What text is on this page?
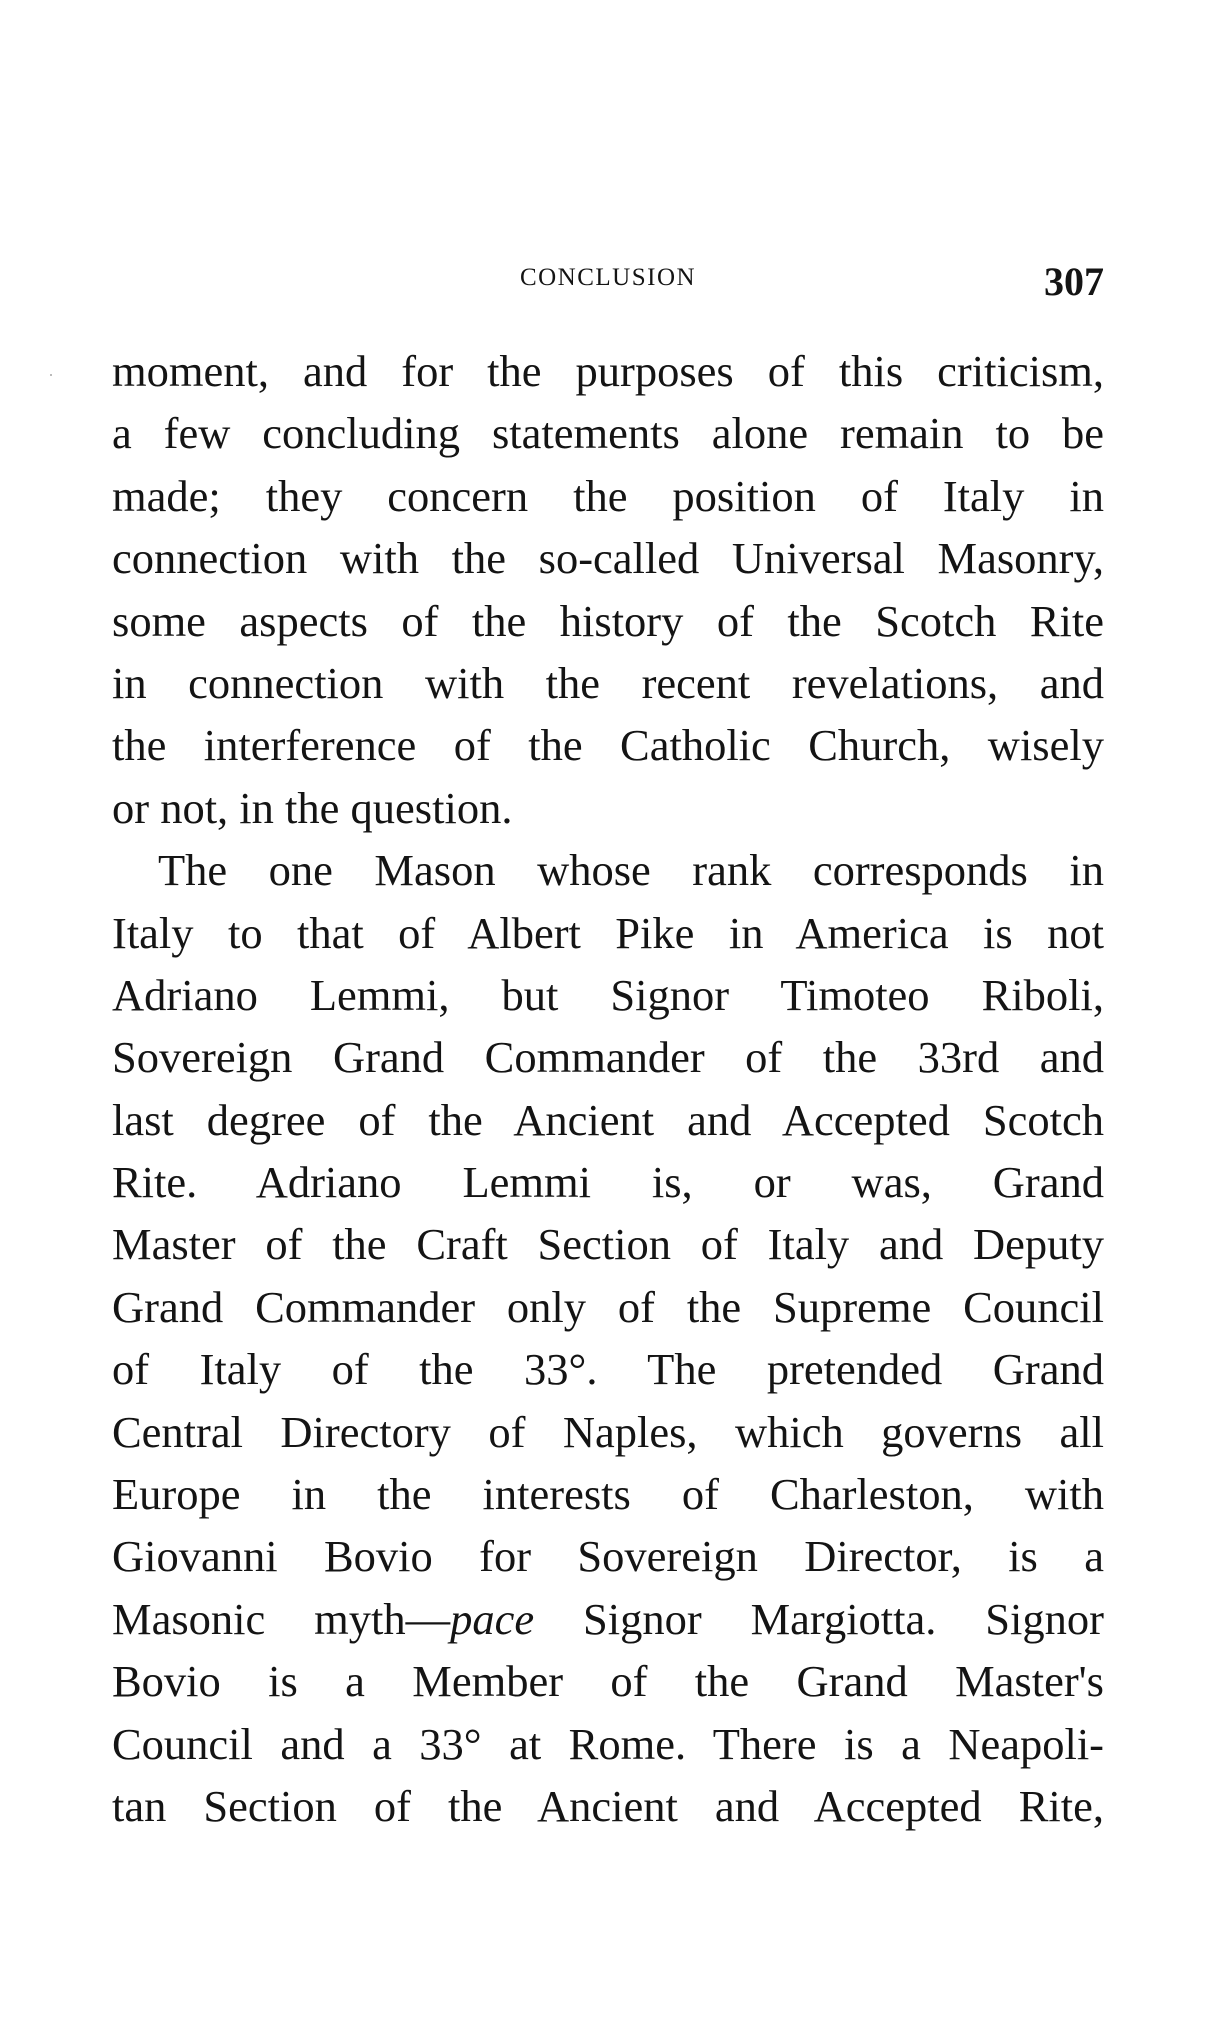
CONCLUSION	307
moment, and for the purposes of this criticism,
a few concluding statements alone remain to be
made; they concern the position of Italy in
connection with the so-called Universal Masonry,
some aspects of the history of the Scotch Rite
in connection with the recent revelations, and
the interference of the Catholic Church, wisely
or not, in the question.
The one Mason whose rank corresponds in
Italy to that of Albert Pike in America is not
Adriano Lemmi, but Signor Timoteo Riboli,
Sovereign Grand Commander of the 33rd and
last degree of the Ancient and Accepted Scotch
Rite. Adriano Lemmi is, or was, Grand
Master of the Craft Section of Italy and Deputy
Grand Commander only of the Supreme Council
of Italy of the 33°. The pretended Grand
Central Directory of Naples, which governs all
Europe in the interests of Charleston, with
Giovanni Bovio for Sovereign Director, is a
Masonic myth—pace Signor Margiotta. Signor
Bovio is a Member of the Grand Master's
Council and a 33° at Rome. There is a Neapoli-
tan Section of the Ancient and Accepted Rite,
